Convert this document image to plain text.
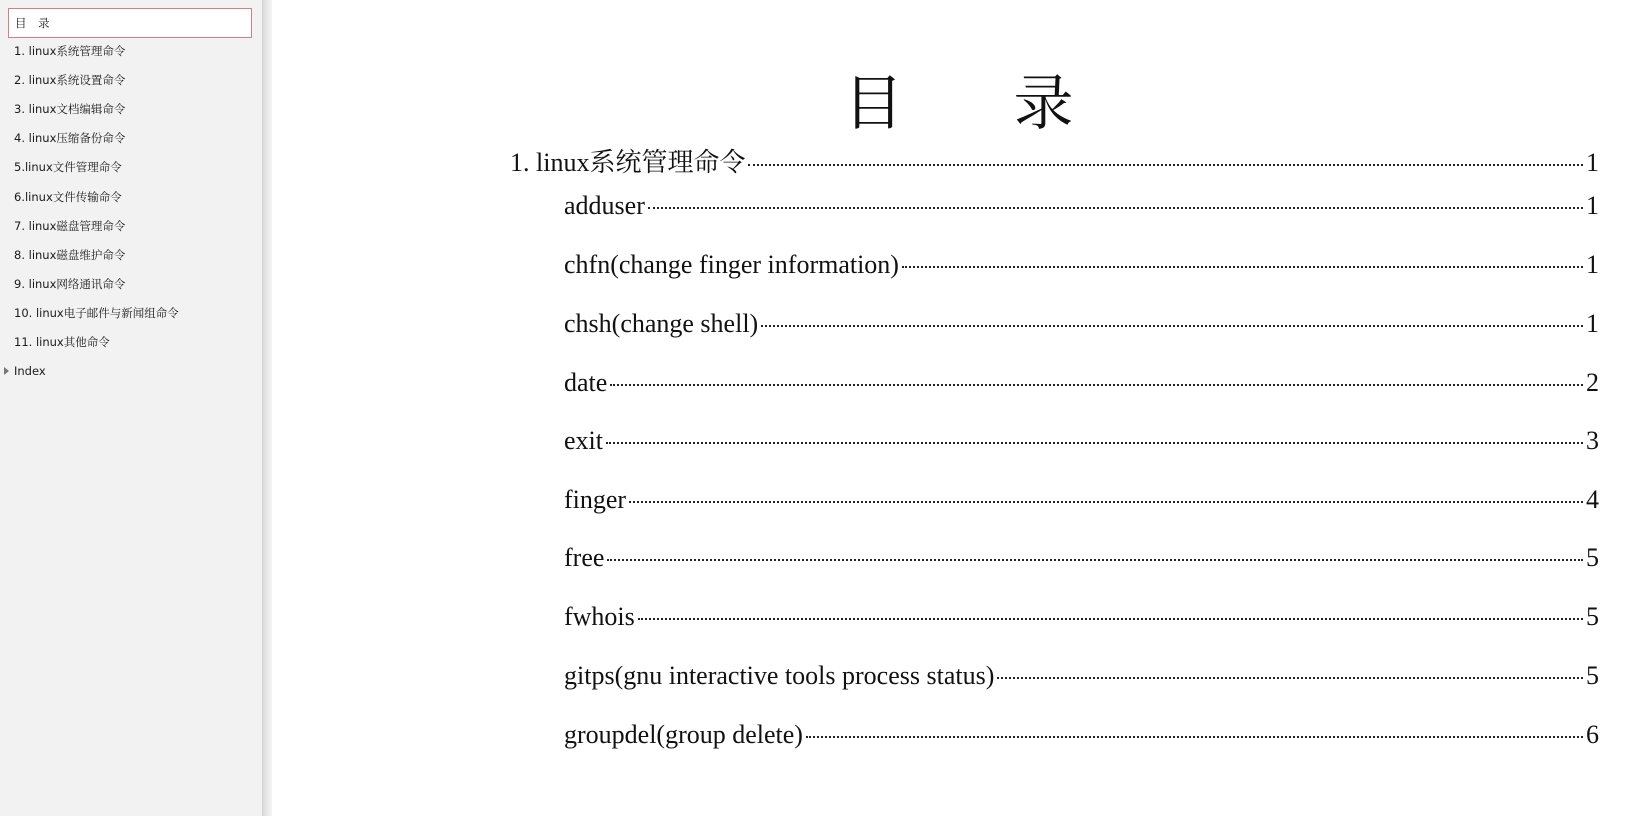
目　录
1. linux系统管理命令
2. linux系统设置命令
3. linux文档编辑命令
4. linux压缩备份命令
5.linux文件管理命令
6.linux文件传输命令
7. linux磁盘管理命令
8. linux磁盘维护命令
9. linux网络通讯命令
10. linux电子邮件与新闻组命令
11. linux其他命令
Index
目 录
1. linux系统管理命令	1
adduser	1
chfn(change finger information)	1
chsh(change shell)	1
date	2
exit	3
finger	4
free	5
fwhois	5
gitps(gnu interactive tools process status)	5
groupdel(group delete)	6
